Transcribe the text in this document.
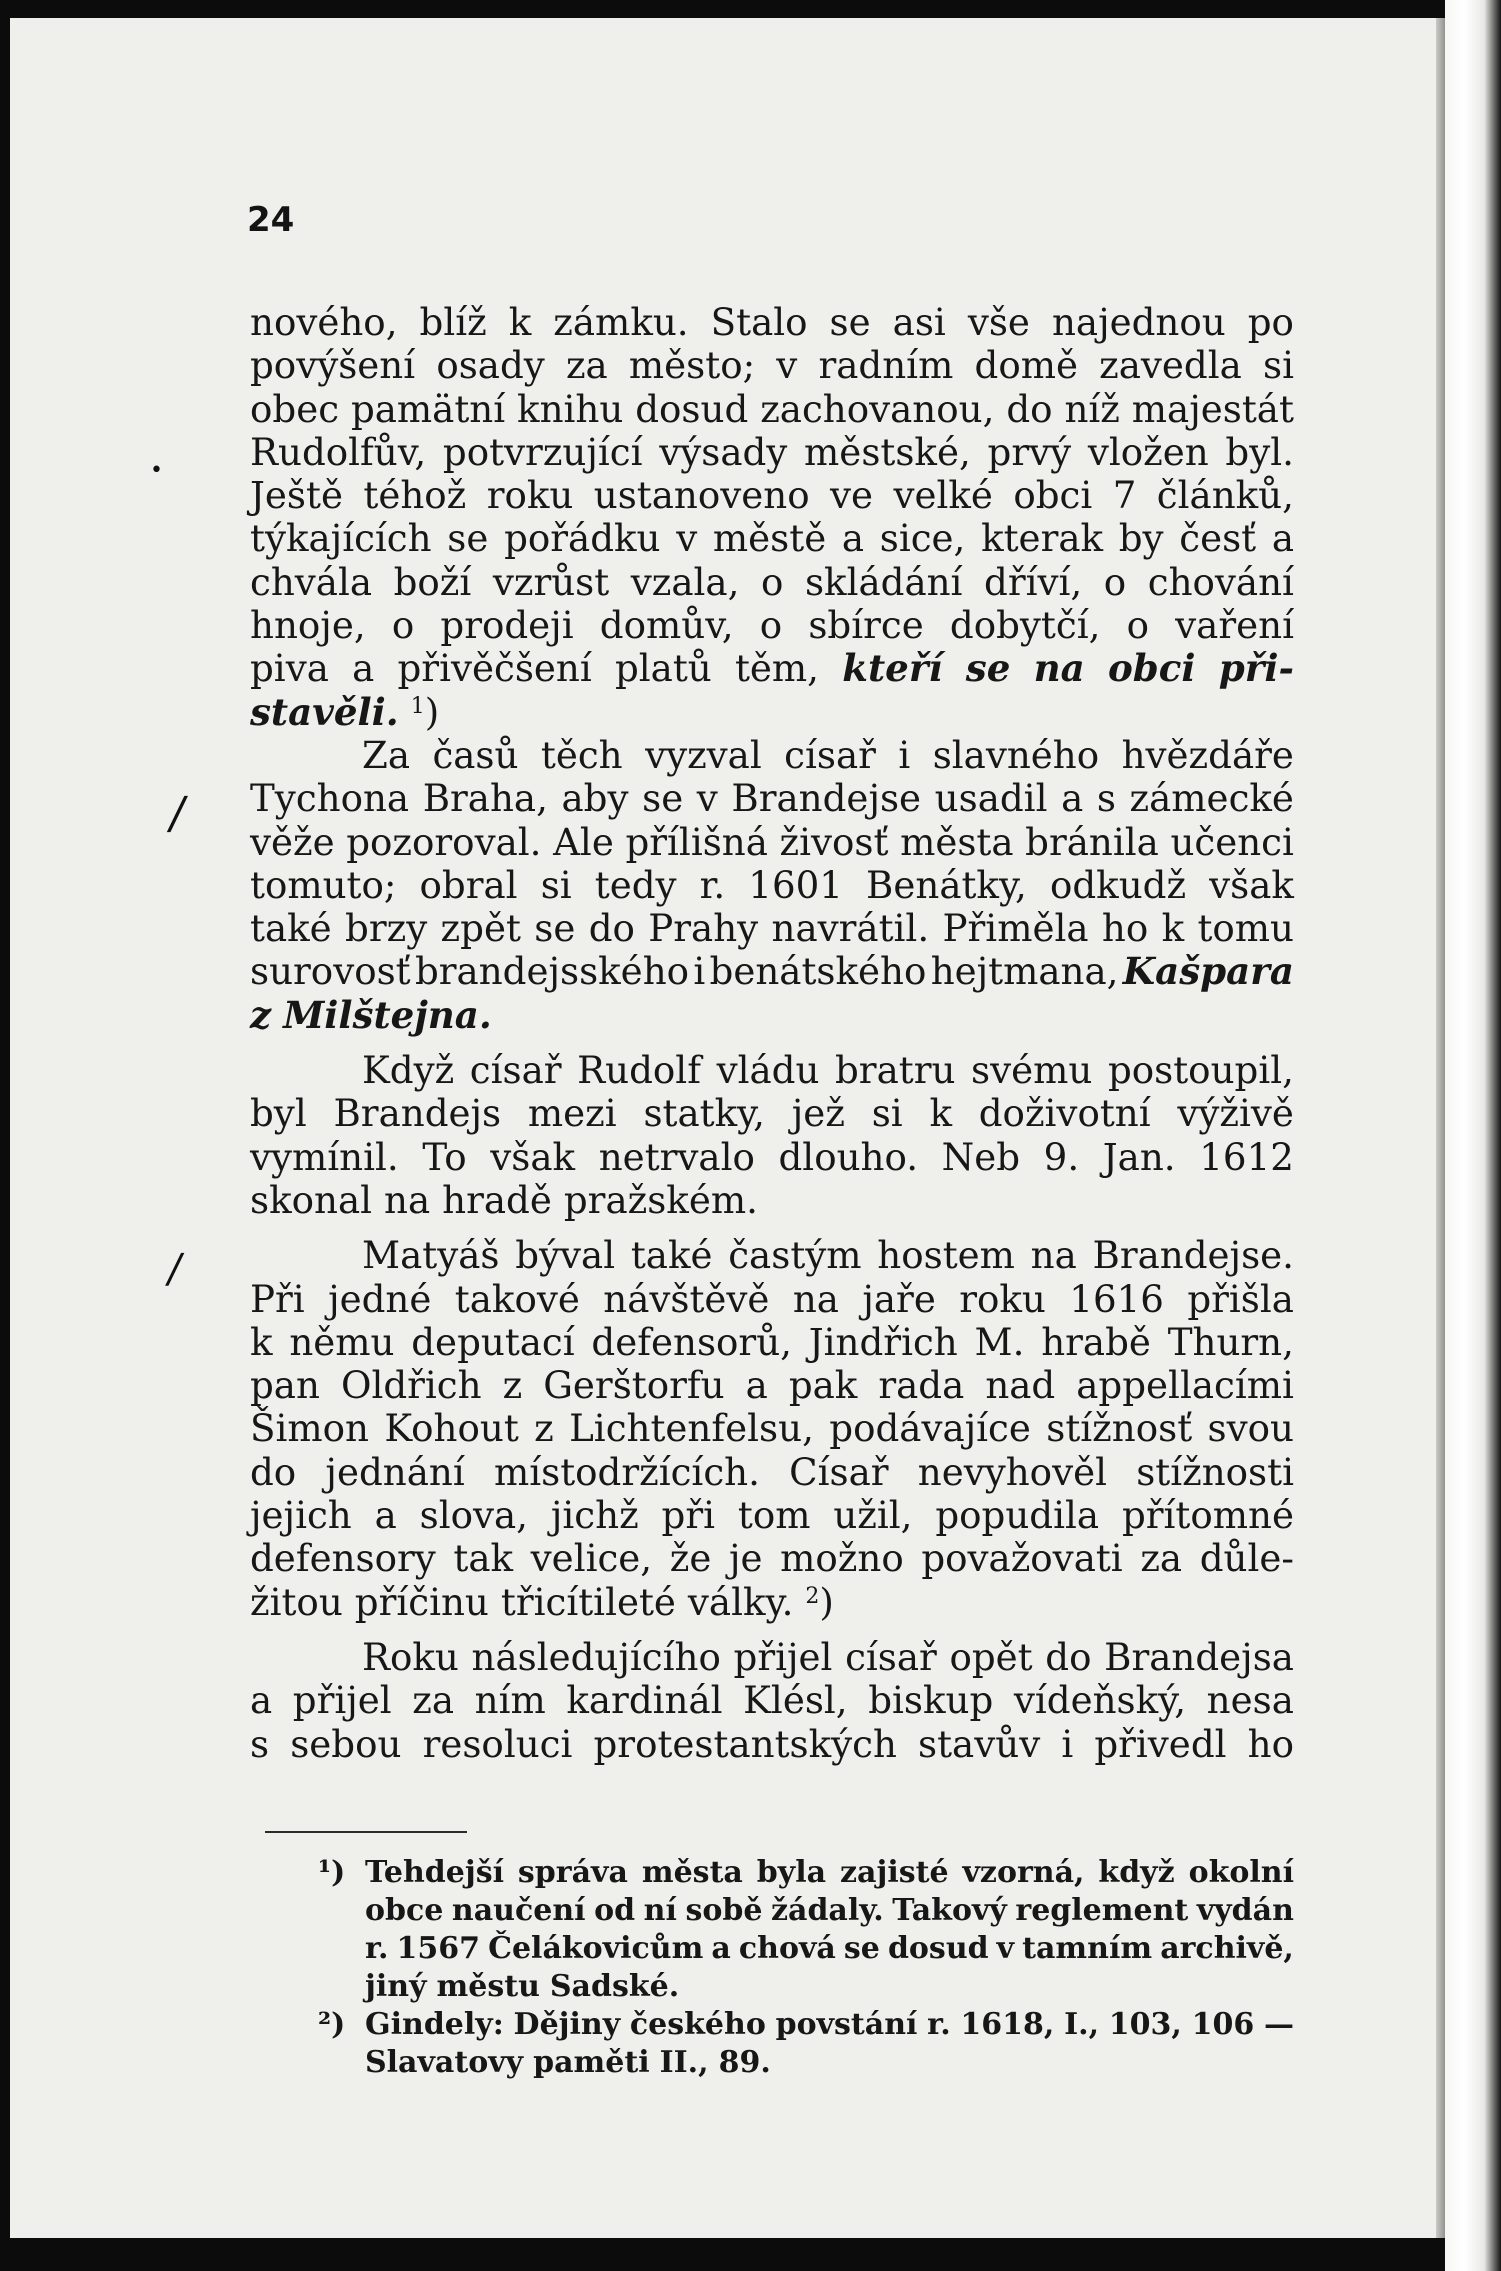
24
nového, blíž k zámku. Stalo se asi vše najednou po
povýšení osady za město; v radním domě zavedla si
obec pamätní knihu dosud zachovanou, do níž majestát
Rudolfův, potvrzující výsady městské, prvý vložen byl.
Ještě téhož roku ustanoveno ve velké obci 7 článků,
týkajících se pořádku v městě a sice, kterak by česť a
chvála boží vzrůst vzala, o skládání dříví, o chování
hnoje, o prodeji domův, o sbírce dobytčí, o vaření
piva a přivěčšení platů těm, kteří se na obci při-
stavěli. $^1$)
Za časů těch vyzval císař i slavného hvězdáře
Tychona Braha, aby se v Brandejse usadil a s zámecké
věže pozoroval. Ale přílišná živosť města bránila učenci
tomuto; obral si tedy r. 1601 Benátky, odkudž však
také brzy zpět se do Prahy navrátil. Přiměla ho k tomu
surovosť brandejsského i benátského hejtmana, Kašpara
z Milštejna.
Když císař Rudolf vládu bratru svému postoupil,
byl Brandejs mezi statky, jež si k doživotní výživě
vymínil. To však netrvalo dlouho. Neb 9. Jan. 1612
skonal na hradě pražském.
Matyáš býval také častým hostem na Brandejse.
Při jedné takové návštěvě na jaře roku 1616 přišla
k němu deputací defensorů, Jindřich M. hrabě Thurn,
pan Oldřich z Gerštorfu a pak rada nad appellacími
Šimon Kohout z Lichtenfelsu, podávajíce stížnosť svou
do jednání místodržících. Císař nevyhověl stížnosti
jejich a slova, jichž při tom užil, popudila přítomné
defensory tak velice, že je možno považovati za důle-
žitou příčinu třicítileté války. $^2$)
Roku následujícího přijel císař opět do Brandejsa
a přijel za ním kardinál Klésl, biskup vídeňský, nesa
s sebou resoluci protestantských stavův i přivedl ho
¹) Tehdejší správa města byla zajisté vzorná, když okolní
obce naučení od ní sobě žádaly. Takový reglement vydán
r. 1567 Čelákovicům a chová se dosud v tamním archivě,
jiný městu Sadské.
²) Gindely: Dějiny českého povstání r. 1618, I., 103, 106 —
Slavatovy paměti II., 89.
•
/
/
